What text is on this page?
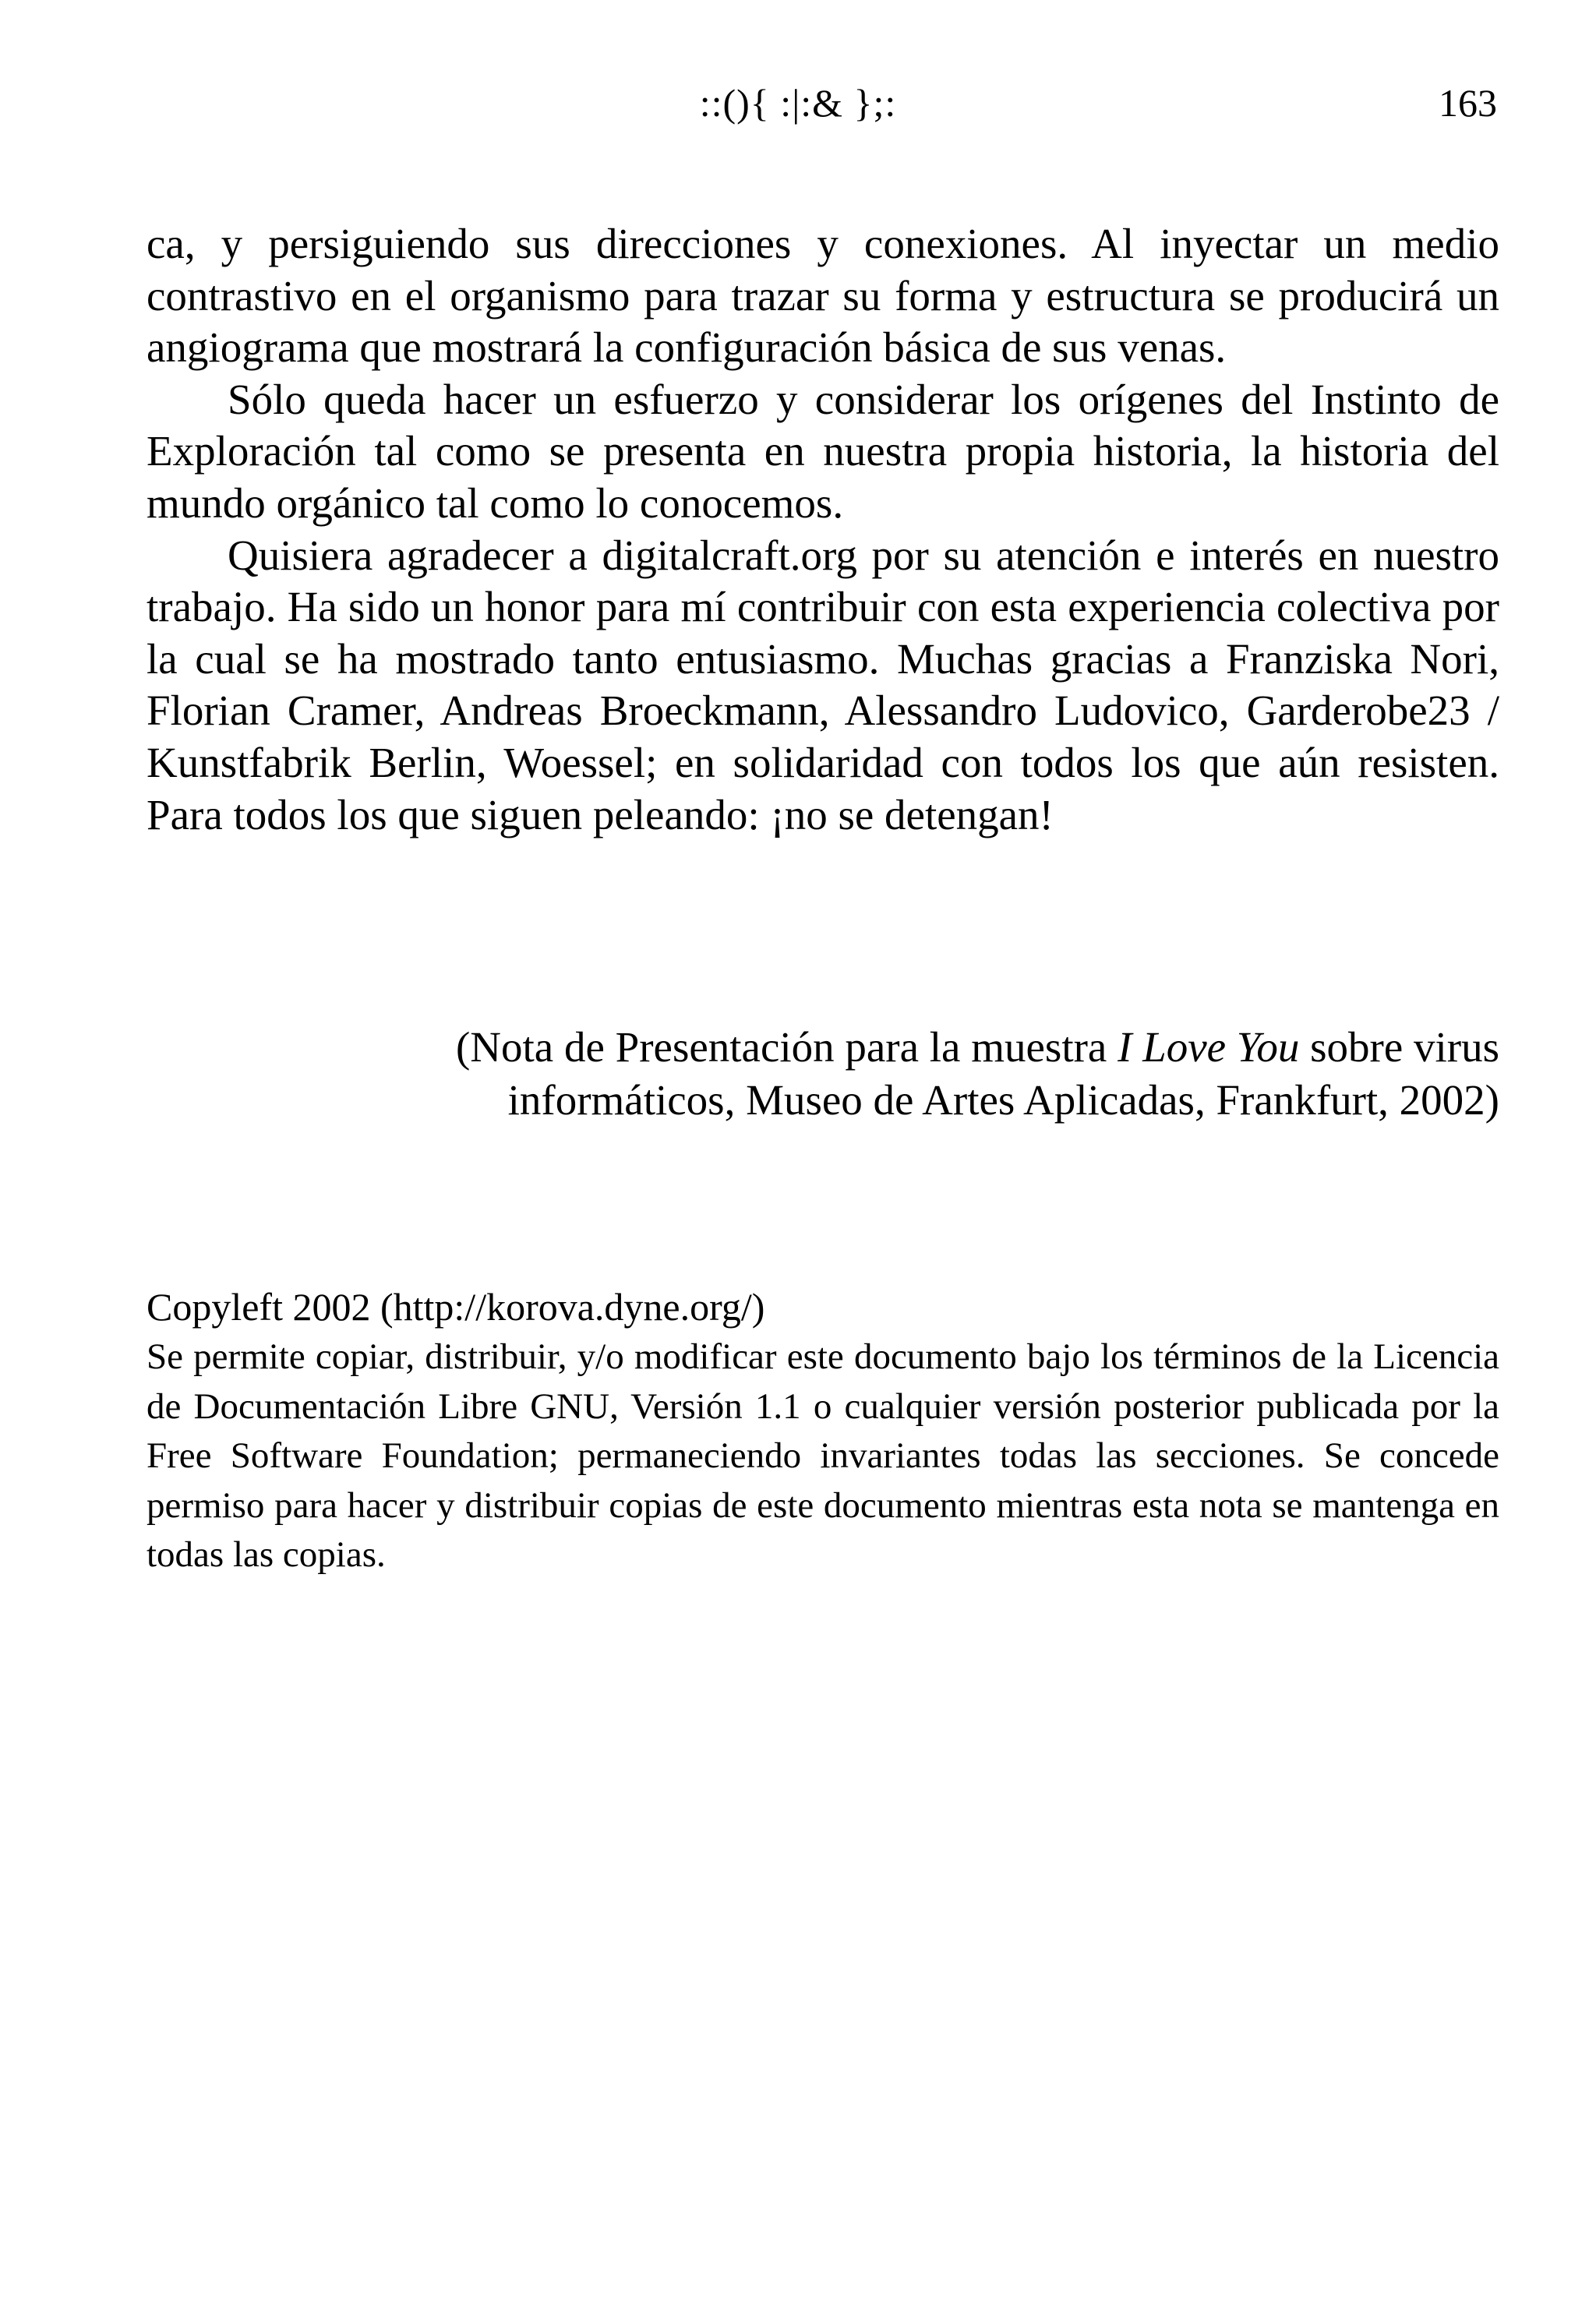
::(){ :|:& };:	163

ca, y persiguiendo sus direcciones y conexiones. Al inyectar un medio contrastivo en el organismo para trazar su forma y estructura se producirá un angiograma que mostrará la configuración básica de sus venas.

Sólo queda hacer un esfuerzo y considerar los orígenes del Instinto de Exploración tal como se presenta en nuestra propia historia, la historia del mundo orgánico tal como lo conocemos.

Quisiera agradecer a digitalcraft.org por su atención e interés en nuestro trabajo. Ha sido un honor para mí contribuir con esta experiencia colectiva por la cual se ha mostrado tanto entusiasmo. Muchas gracias a Franziska Nori, Florian Cramer, Andreas Broeckmann, Alessandro Ludovico, Garderobe23 / Kunstfabrik Berlin, Woessel; en solidaridad con todos los que aún resisten. Para todos los que siguen peleando: ¡no se detengan!

(Nota de Presentación para la muestra I Love You sobre virus
informáticos, Museo de Artes Aplicadas, Frankfurt, 2002)
Copyleft 2002 (http://korova.dyne.org/)
Se permite copiar, distribuir, y/o modificar este documento bajo los términos de la Licencia de Documentación Libre GNU, Versión 1.1 o cualquier versión posterior publicada por la Free Software Foundation; permaneciendo invariantes todas las secciones. Se concede permiso para hacer y distribuir copias de este documento mientras esta nota se mantenga en todas las copias.
